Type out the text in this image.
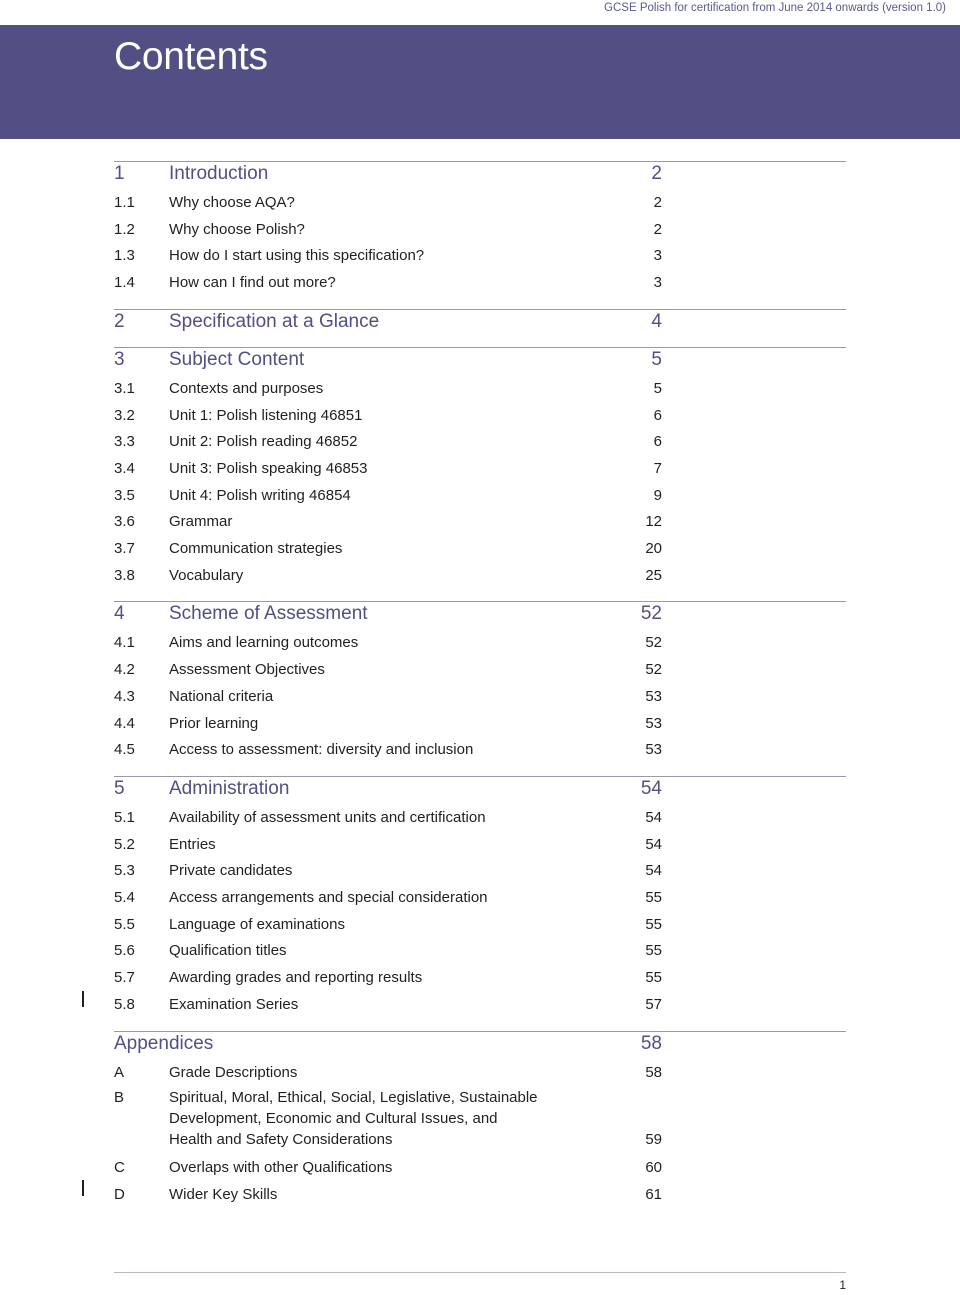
GCSE Polish for certification from June 2014 onwards (version 1.0)
Contents
1 Introduction	2
1.1 Why choose AQA?	2
1.2 Why choose Polish?	2
1.3 How do I start using this specification?	3
1.4 How can I find out more?	3
2 Specification at a Glance	4
3 Subject Content	5
3.1 Contexts and purposes	5
3.2 Unit 1: Polish listening 46851	6
3.3 Unit 2: Polish reading 46852	6
3.4 Unit 3: Polish speaking 46853	7
3.5 Unit 4: Polish writing 46854	9
3.6 Grammar	12
3.7 Communication strategies	20
3.8 Vocabulary	25
4 Scheme of Assessment	52
4.1 Aims and learning outcomes	52
4.2 Assessment Objectives	52
4.3 National criteria	53
4.4 Prior learning	53
4.5 Access to assessment: diversity and inclusion	53
5 Administration	54
5.1 Availability of assessment units and certification	54
5.2 Entries	54
5.3 Private candidates	54
5.4 Access arrangements and special consideration	55
5.5 Language of examinations	55
5.6 Qualification titles	55
5.7 Awarding grades and reporting results	55
5.8 Examination Series	57
Appendices	58
A	Grade Descriptions	58
B	Spiritual, Moral, Ethical, Social, Legislative, Sustainable
Development, Economic and Cultural Issues, and
Health and Safety Considerations	59
C	Overlaps with other Qualifications	60
D	Wider Key Skills	61
1
